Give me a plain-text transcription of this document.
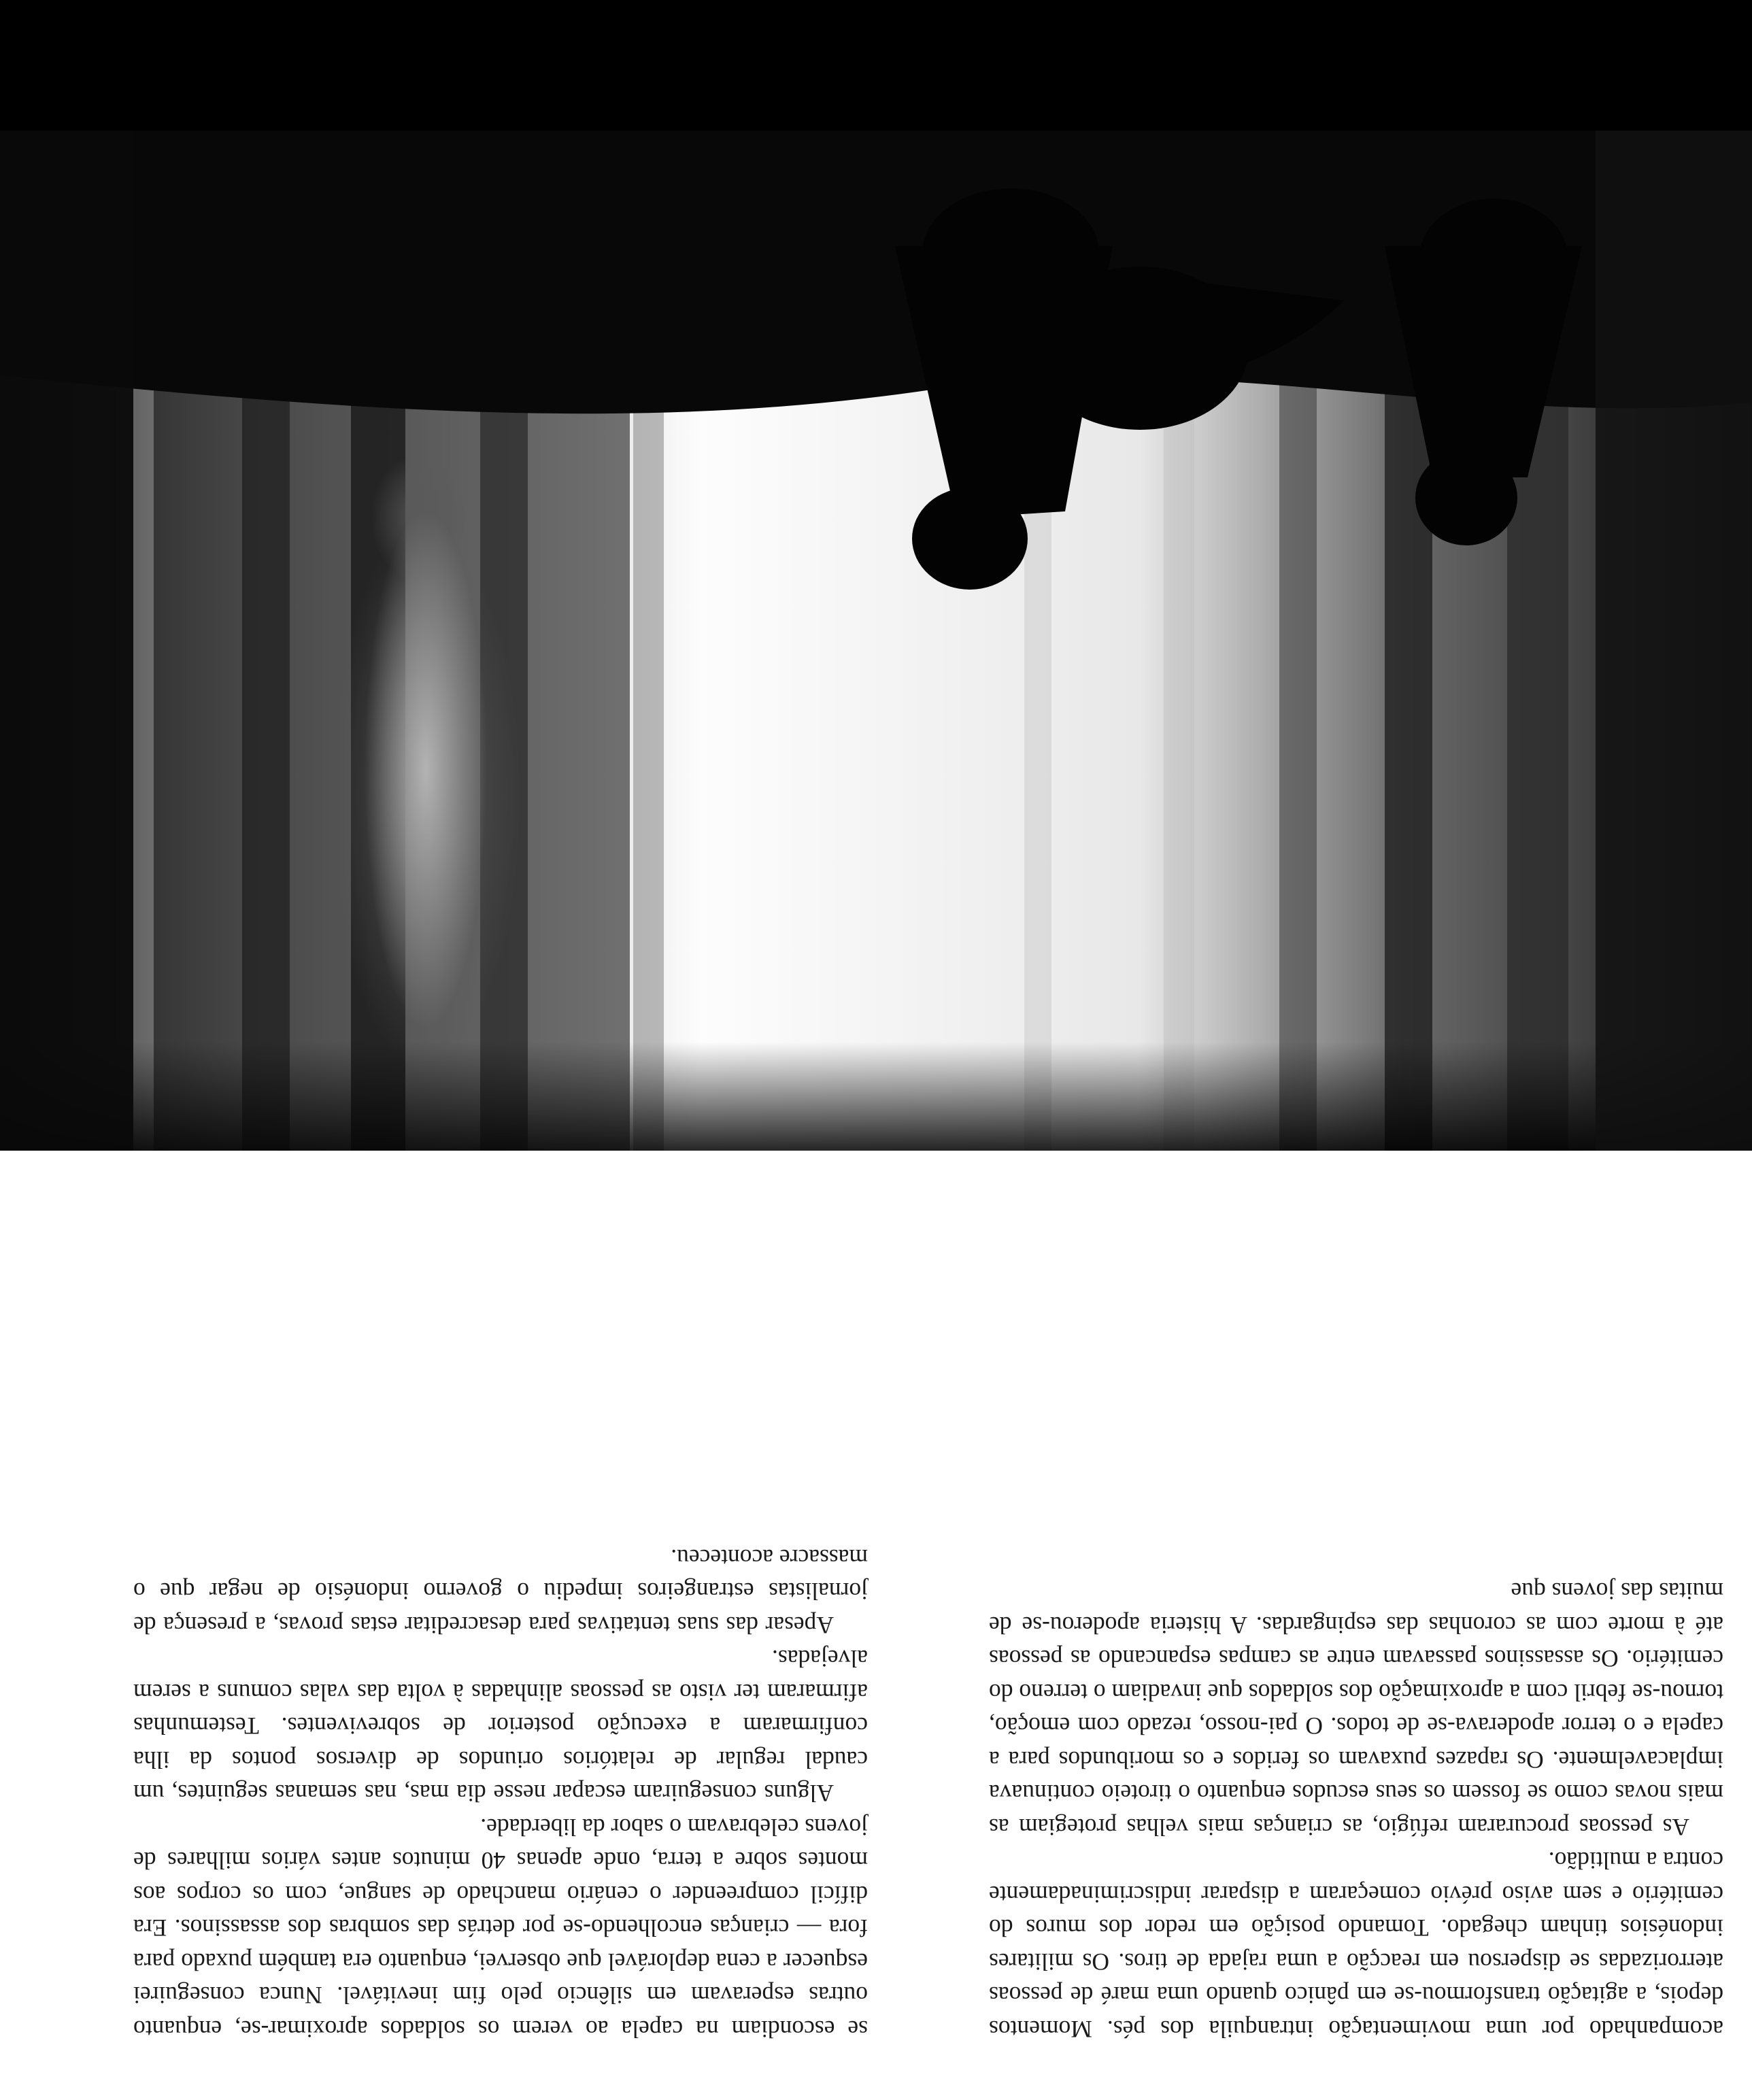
acompanhado por uma movimentação intranquila dos pés. Momentos depois, a agitação transformou-se em pânico quando uma maré de pessoas aterrorizadas se dispersou em reacção a uma rajada de tiros. Os militares indonésios tinham chegado. Tomando posição em redor dos muros do cemitério e sem aviso prévio começaram a disparar indiscriminadamente contra a multidão.

As pessoas procuraram refúgio, as crianças mais velhas protegiam as mais novas como se fossem os seus escudos enquanto o tiroteio continuava implacavelmente. Os rapazes puxavam os feridos e os moribundos para a capela e o terror apoderava-se de todos. O pai-nosso, rezado com emoção, tornou-se febril com a aproximação dos soldados que invadiam o terreno do cemitério. Os assassinos passavam entre as campas espancando as pessoas até à morte com as coronhas das espingardas. A histeria apoderou-se de muitas das jovens que

se escondiam na capela ao verem os soldados aproximar-se, enquanto outras esperavam em silêncio pelo fim inevitável. Nunca conseguirei esquecer a cena deplorável que observei, enquanto era também puxado para fora — crianças encolhendo-se por detrás das sombras dos assassinos. Era difícil compreender o cenário manchado de sangue, com os corpos aos montes sobre a terra, onde apenas 40 minutos antes vários milhares de jovens celebravam o sabor da liberdade.

Alguns conseguiram escapar nesse dia mas, nas semanas seguintes, um caudal regular de relatórios oriundos de diversos pontos da ilha confirmaram a execução posterior de sobreviventes. Testemunhas afirmaram ter visto as pessoas alinhadas à volta das valas comuns a serem alvejadas.

Apesar das suas tentativas para desacreditar estas provas, a presença de jornalistas estrangeiros impediu o governo indonésio de negar que o massacre aconteceu.
